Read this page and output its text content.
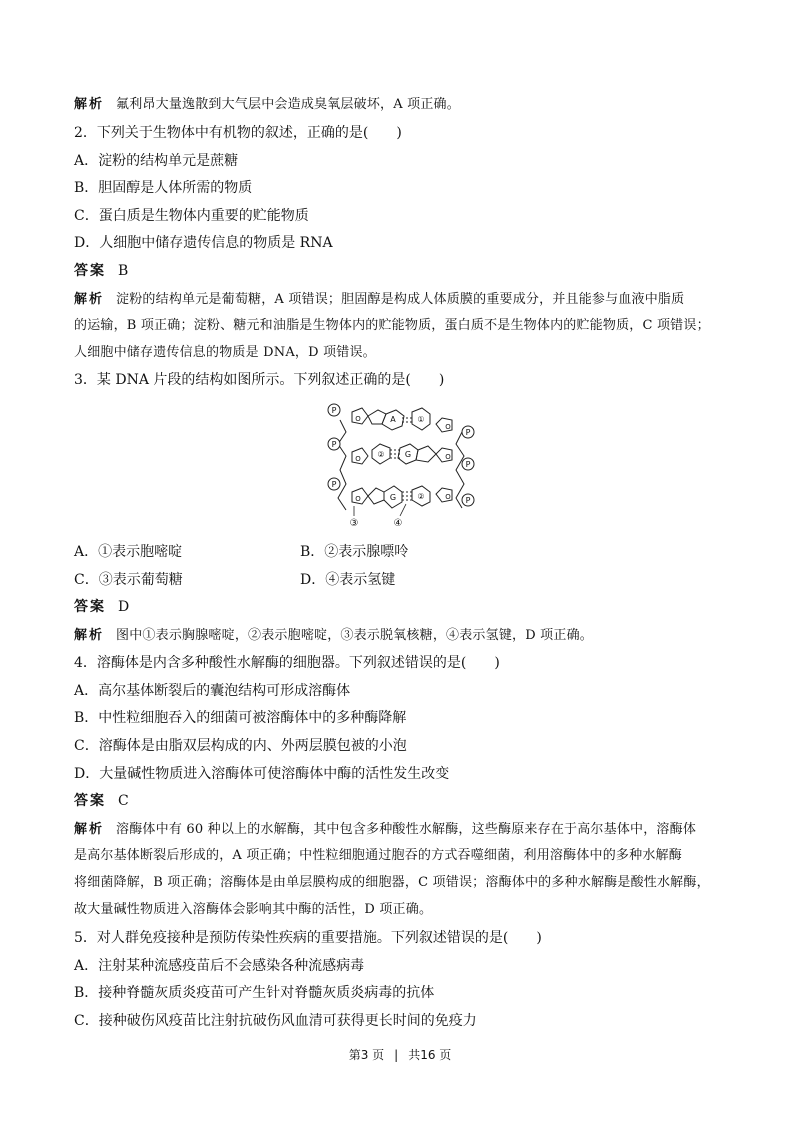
解析 氟利昂大量逸散到大气层中会造成臭氧层破坏，A 项正确。
2．下列关于生物体中有机物的叙述，正确的是(　　)
A．淀粉的结构单元是蔗糖
B．胆固醇是人体所需的物质
C．蛋白质是生物体内重要的贮能物质
D．人细胞中储存遗传信息的物质是 RNA
答案 B
解析 淀粉的结构单元是葡萄糖，A 项错误；胆固醇是构成人体质膜的重要成分，并且能参与血液中脂质
的运输，B 项正确；淀粉、糖元和油脂是生物体内的贮能物质，蛋白质不是生物体内的贮能物质，C 项错误；
人细胞中储存遗传信息的物质是 DNA，D 项错误。
3．某 DNA 片段的结构如图所示。下列叙述正确的是(　　)
P
P
P
P
P
P
A	①
②	G
G	②
O
O
O
O
O
O
③	④
A．①表示胞嘧啶	B．②表示腺嘌呤
C．③表示葡萄糖	D．④表示氢键
答案 D
解析 图中①表示胸腺嘧啶，②表示胞嘧啶，③表示脱氧核糖，④表示氢键，D 项正确。
4．溶酶体是内含多种酸性水解酶的细胞器。下列叙述错误的是(　　)
A．高尔基体断裂后的囊泡结构可形成溶酶体
B．中性粒细胞吞入的细菌可被溶酶体中的多种酶降解
C．溶酶体是由脂双层构成的内、外两层膜包被的小泡
D．大量碱性物质进入溶酶体可使溶酶体中酶的活性发生改变
答案 C
解析 溶酶体中有 60 种以上的水解酶，其中包含多种酸性水解酶，这些酶原来存在于高尔基体中，溶酶体
是高尔基体断裂后形成的，A 项正确；中性粒细胞通过胞吞的方式吞噬细菌，利用溶酶体中的多种水解酶
将细菌降解，B 项正确；溶酶体是由单层膜构成的细胞器，C 项错误；溶酶体中的多种水解酶是酸性水解酶，
故大量碱性物质进入溶酶体会影响其中酶的活性，D 项正确。
5．对人群免疫接种是预防传染性疾病的重要措施。下列叙述错误的是(　　)
A．注射某种流感疫苗后不会感染各种流感病毒
B．接种脊髓灰质炎疫苗可产生针对脊髓灰质炎病毒的抗体
C．接种破伤风疫苗比注射抗破伤风血清可获得更长时间的免疫力
第3 页 | 共16 页
